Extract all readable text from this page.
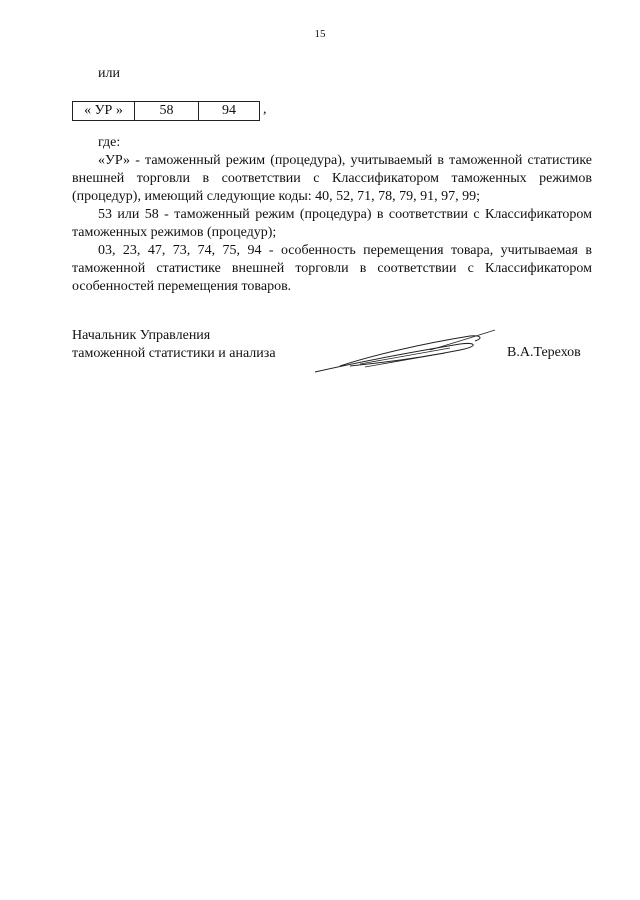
15
или
« УР »	58	94 ,

где:

«УР» - таможенный режим (процедура), учитываемый в таможенной статистике внешней торговли в соответствии с Классификатором таможенных режимов (процедур), имеющий следующие коды: 40, 52, 71, 78, 79, 91, 97, 99;

53 или 58 - таможенный режим (процедура) в соответствии с Классификатором таможенных режимов (процедур);

03, 23, 47, 73, 74, 75, 94 - особенность перемещения товара, учитываемая в таможенной статистике внешней торговли в соответствии с Классификатором особенностей перемещения товаров.

Начальник Управления
таможенной статистики и анализа	В.А.Терехов
